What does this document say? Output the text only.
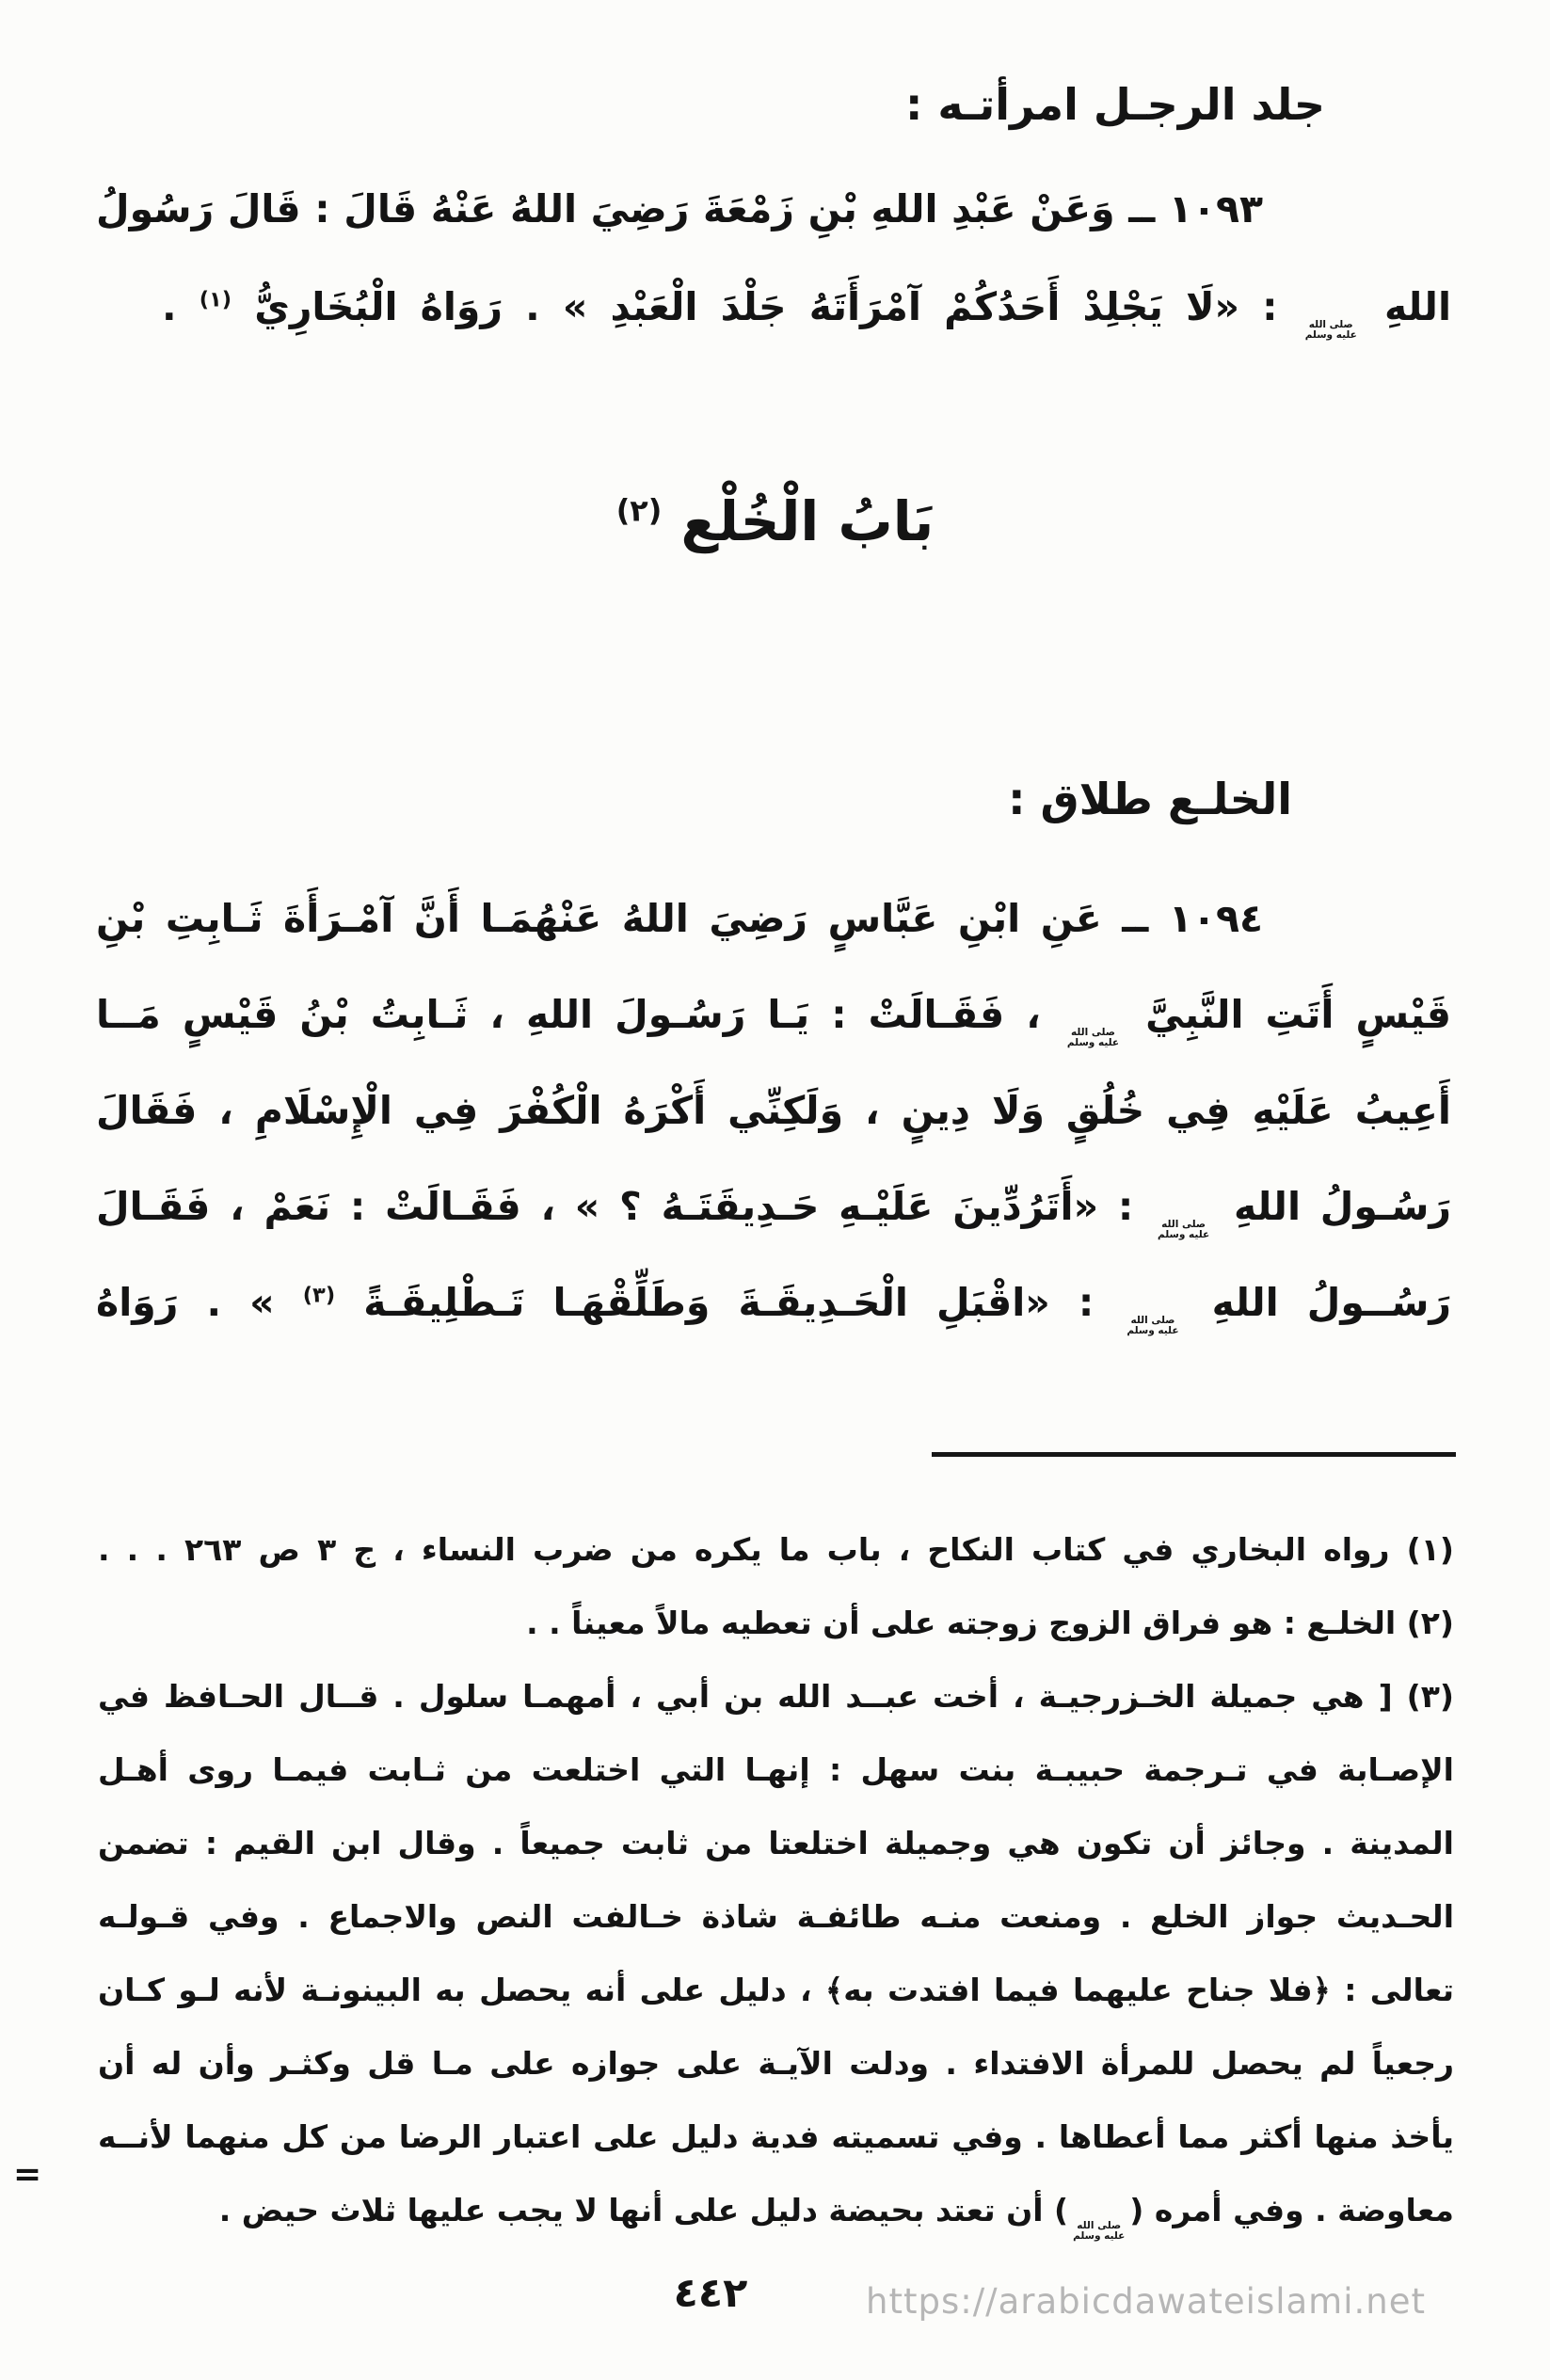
جلد الرجـل امرأتـه :
١٠٩٣ ــ وَعَنْ عَبْدِ اللهِ بْنِ زَمْعَةَ رَضِيَ اللهُ عَنْهُ قَالَ : قَالَ رَسُولُ
اللهِ
صلى الله
عليه وسلم
: «لَا يَجْلِدْ أَحَدُكُمْ آمْرَأَتَهُ جَلْدَ الْعَبْدِ » . رَوَاهُ الْبُخَارِيُّ $^{(١)}$ .
بَابُ الْخُلْع $^{(٢)}$
الخلـع طلاق :
١٠٩٤ ــ عَنِ ابْنِ عَبَّاسٍ رَضِيَ اللهُ عَنْهُمَـا أَنَّ آمْـرَأَةَ ثَـابِتِ بْنِ
قَيْسٍ أَتَتِ النَّبِيَّ
صلى الله
عليه وسلم
، فَقَـالَتْ : يَـا رَسُـولَ اللهِ ، ثَـابِتُ بْنُ قَيْسٍ مَــا
أَعِيبُ عَلَيْهِ فِي خُلُقٍ وَلَا دِينٍ ، وَلَكِنِّي أَكْرَهُ الْكُفْرَ فِي الْإِسْلَامِ ، فَقَالَ
رَسُـولُ اللهِ
صلى الله
عليه وسلم
: «أَتَرُدِّينَ عَلَيْـهِ حَـدِيقَتَـهُ ؟ » ، فَقَـالَتْ : نَعَمْ ، فَقَـالَ
رَسُــولُ اللهِ
صلى الله
عليه وسلم
: «اقْبَلِ الْحَـدِيقَـةَ وَطَلِّقْهَـا تَـطْلِيقَـةً $^{(٣)}$ » . رَوَاهُ
(١) رواه البخاري في كتاب النكاح ، باب ما يكره من ضرب النساء ، ج ٣ ص ٢٦٣ . . .
(٢) الخلـع : هو فراق الزوج زوجته على أن تعطيه مالاً معيناً . .
(٣) [ هي جميلة الخـزرجيـة ، أخت عبــد الله بن أبي ، أمهمـا سلول . قــال الحـافظ في
الإصـابة في تـرجمة حبيبـة بنت سهل : إنهـا التي اختلعت من ثـابت فيمـا روى أهـل
المدينة . وجائز أن تكون هي وجميلة اختلعتا من ثابت جميعاً . وقال ابن القيم : تضمن
الحـديث جواز الخلع . ومنعت منـه طائفـة شاذة خـالفت النص والاجماع . وفي قـولـه
تعالى : ﴿فلا جناح عليهما فيما افتدت به﴾ ، دليل على أنه يحصل به البينونـة لأنه لـو كـان
رجعياً لم يحصل للمرأة الافتداء . ودلت الآيـة على جوازه على مـا قل وكثـر وأن له أن
يأخذ منها أكثر مما أعطاها . وفي تسميته فدية دليل على اعتبار الرضا من كل منهما لأنــه
معاوضة . وفي أمره (
صلى الله
عليه وسلم
) أن تعتد بحيضة دليل على أنها لا يجب عليها ثلاث حيض .
=
٤٤٢	https://arabicdawateislami.net
